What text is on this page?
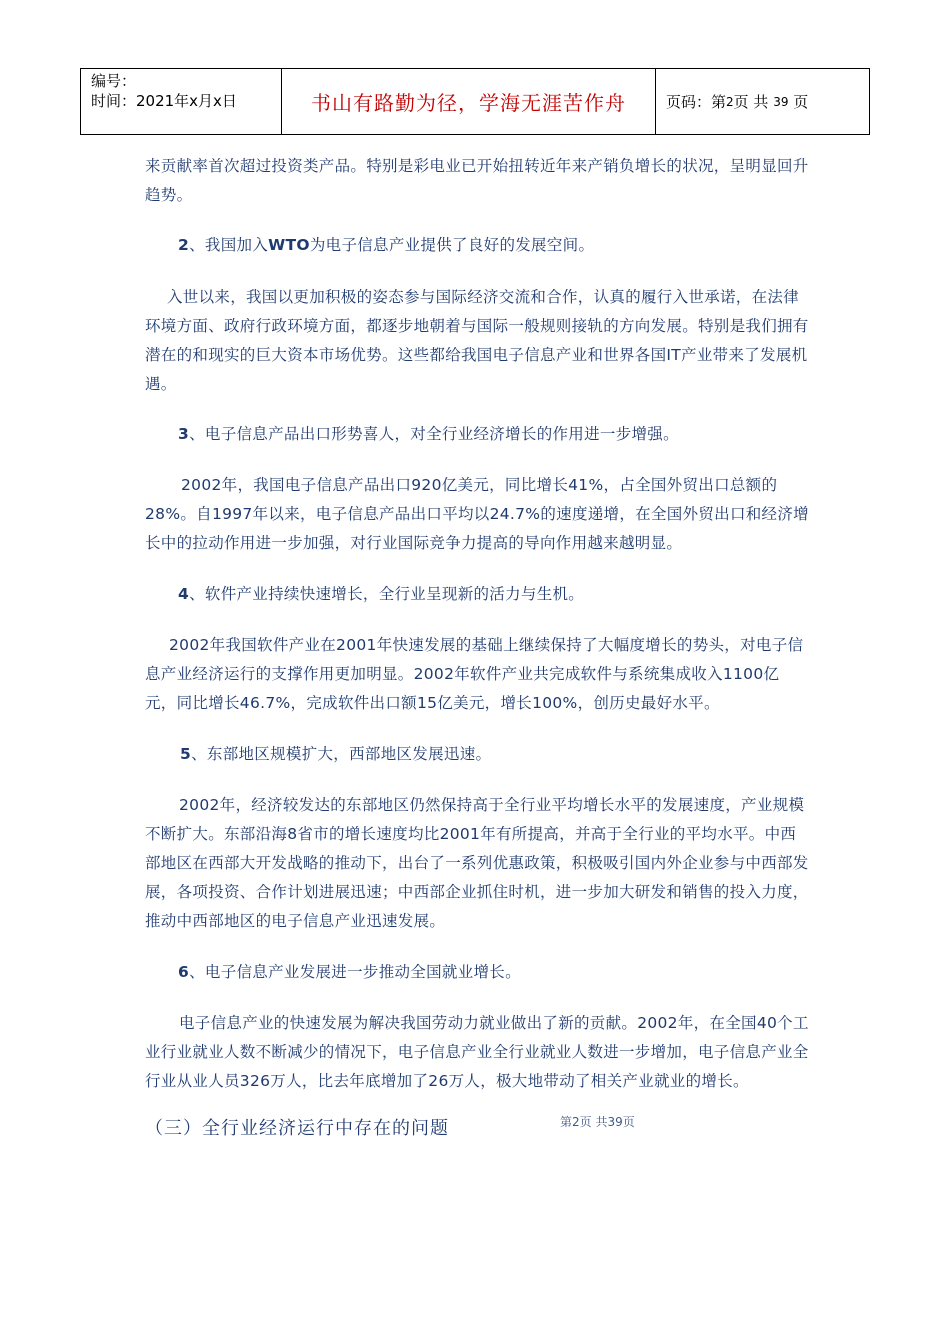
编号：
时间：2021年x月x日	书山有路勤为径，学海无涯苦作舟	页码：第 2 页 共
39
页

来贡献率首次超过投资类产品。特别是彩电业已开始扭转近年来产销负增长的状况，呈明显回升趋势。

2、我国加入WTO为电子信息产业提供了良好的发展空间。

入世以来，我国以更加积极的姿态参与国际经济交流和合作，认真的履行入世承诺，在法律环境方面、政府行政环境方面，都逐步地朝着与国际一般规则接轨的方向发展。特别是我们拥有潜在的和现实的巨大资本市场优势。这些都给我国电子信息产业和世界各国IT产业带来了发展机遇。

3、电子信息产品出口形势喜人，对全行业经济增长的作用进一步增强。

2002年，我国电子信息产品出口920亿美元，同比增长41%，占全国外贸出口总额的28%。自1997年以来，电子信息产品出口平均以24.7%的速度递增，在全国外贸出口和经济增长中的拉动作用进一步加强，对行业国际竞争力提高的导向作用越来越明显。

4、软件产业持续快速增长，全行业呈现新的活力与生机。

2002年我国软件产业在2001年快速发展的基础上继续保持了大幅度增长的势头，对电子信息产业经济运行的支撑作用更加明显。2002年软件产业共完成软件与系统集成收入1100亿元，同比增长46.7%，完成软件出口额15亿美元，增长100%，创历史最好水平。

5、东部地区规模扩大，西部地区发展迅速。

2002年，经济较发达的东部地区仍然保持高于全行业平均增长水平的发展速度，产业规模不断扩大。东部沿海8省市的增长速度均比2001年有所提高，并高于全行业的平均水平。中西部地区在西部大开发战略的推动下，出台了一系列优惠政策，积极吸引国内外企业参与中西部发展，各项投资、合作计划进展迅速；中西部企业抓住时机，进一步加大研发和销售的投入力度，推动中西部地区的电子信息产业迅速发展。

6、电子信息产业发展进一步推动全国就业增长。

电子信息产业的快速发展为解决我国劳动力就业做出了新的贡献。2002年，在全国40个工业行业就业人数不断减少的情况下，电子信息产业全行业就业人数进一步增加，电子信息产业全行业从业人员326万人，比去年底增加了26万人，极大地带动了相关产业就业的增长。

（三）全行业经济运行中存在的问题	第2页 共39页
